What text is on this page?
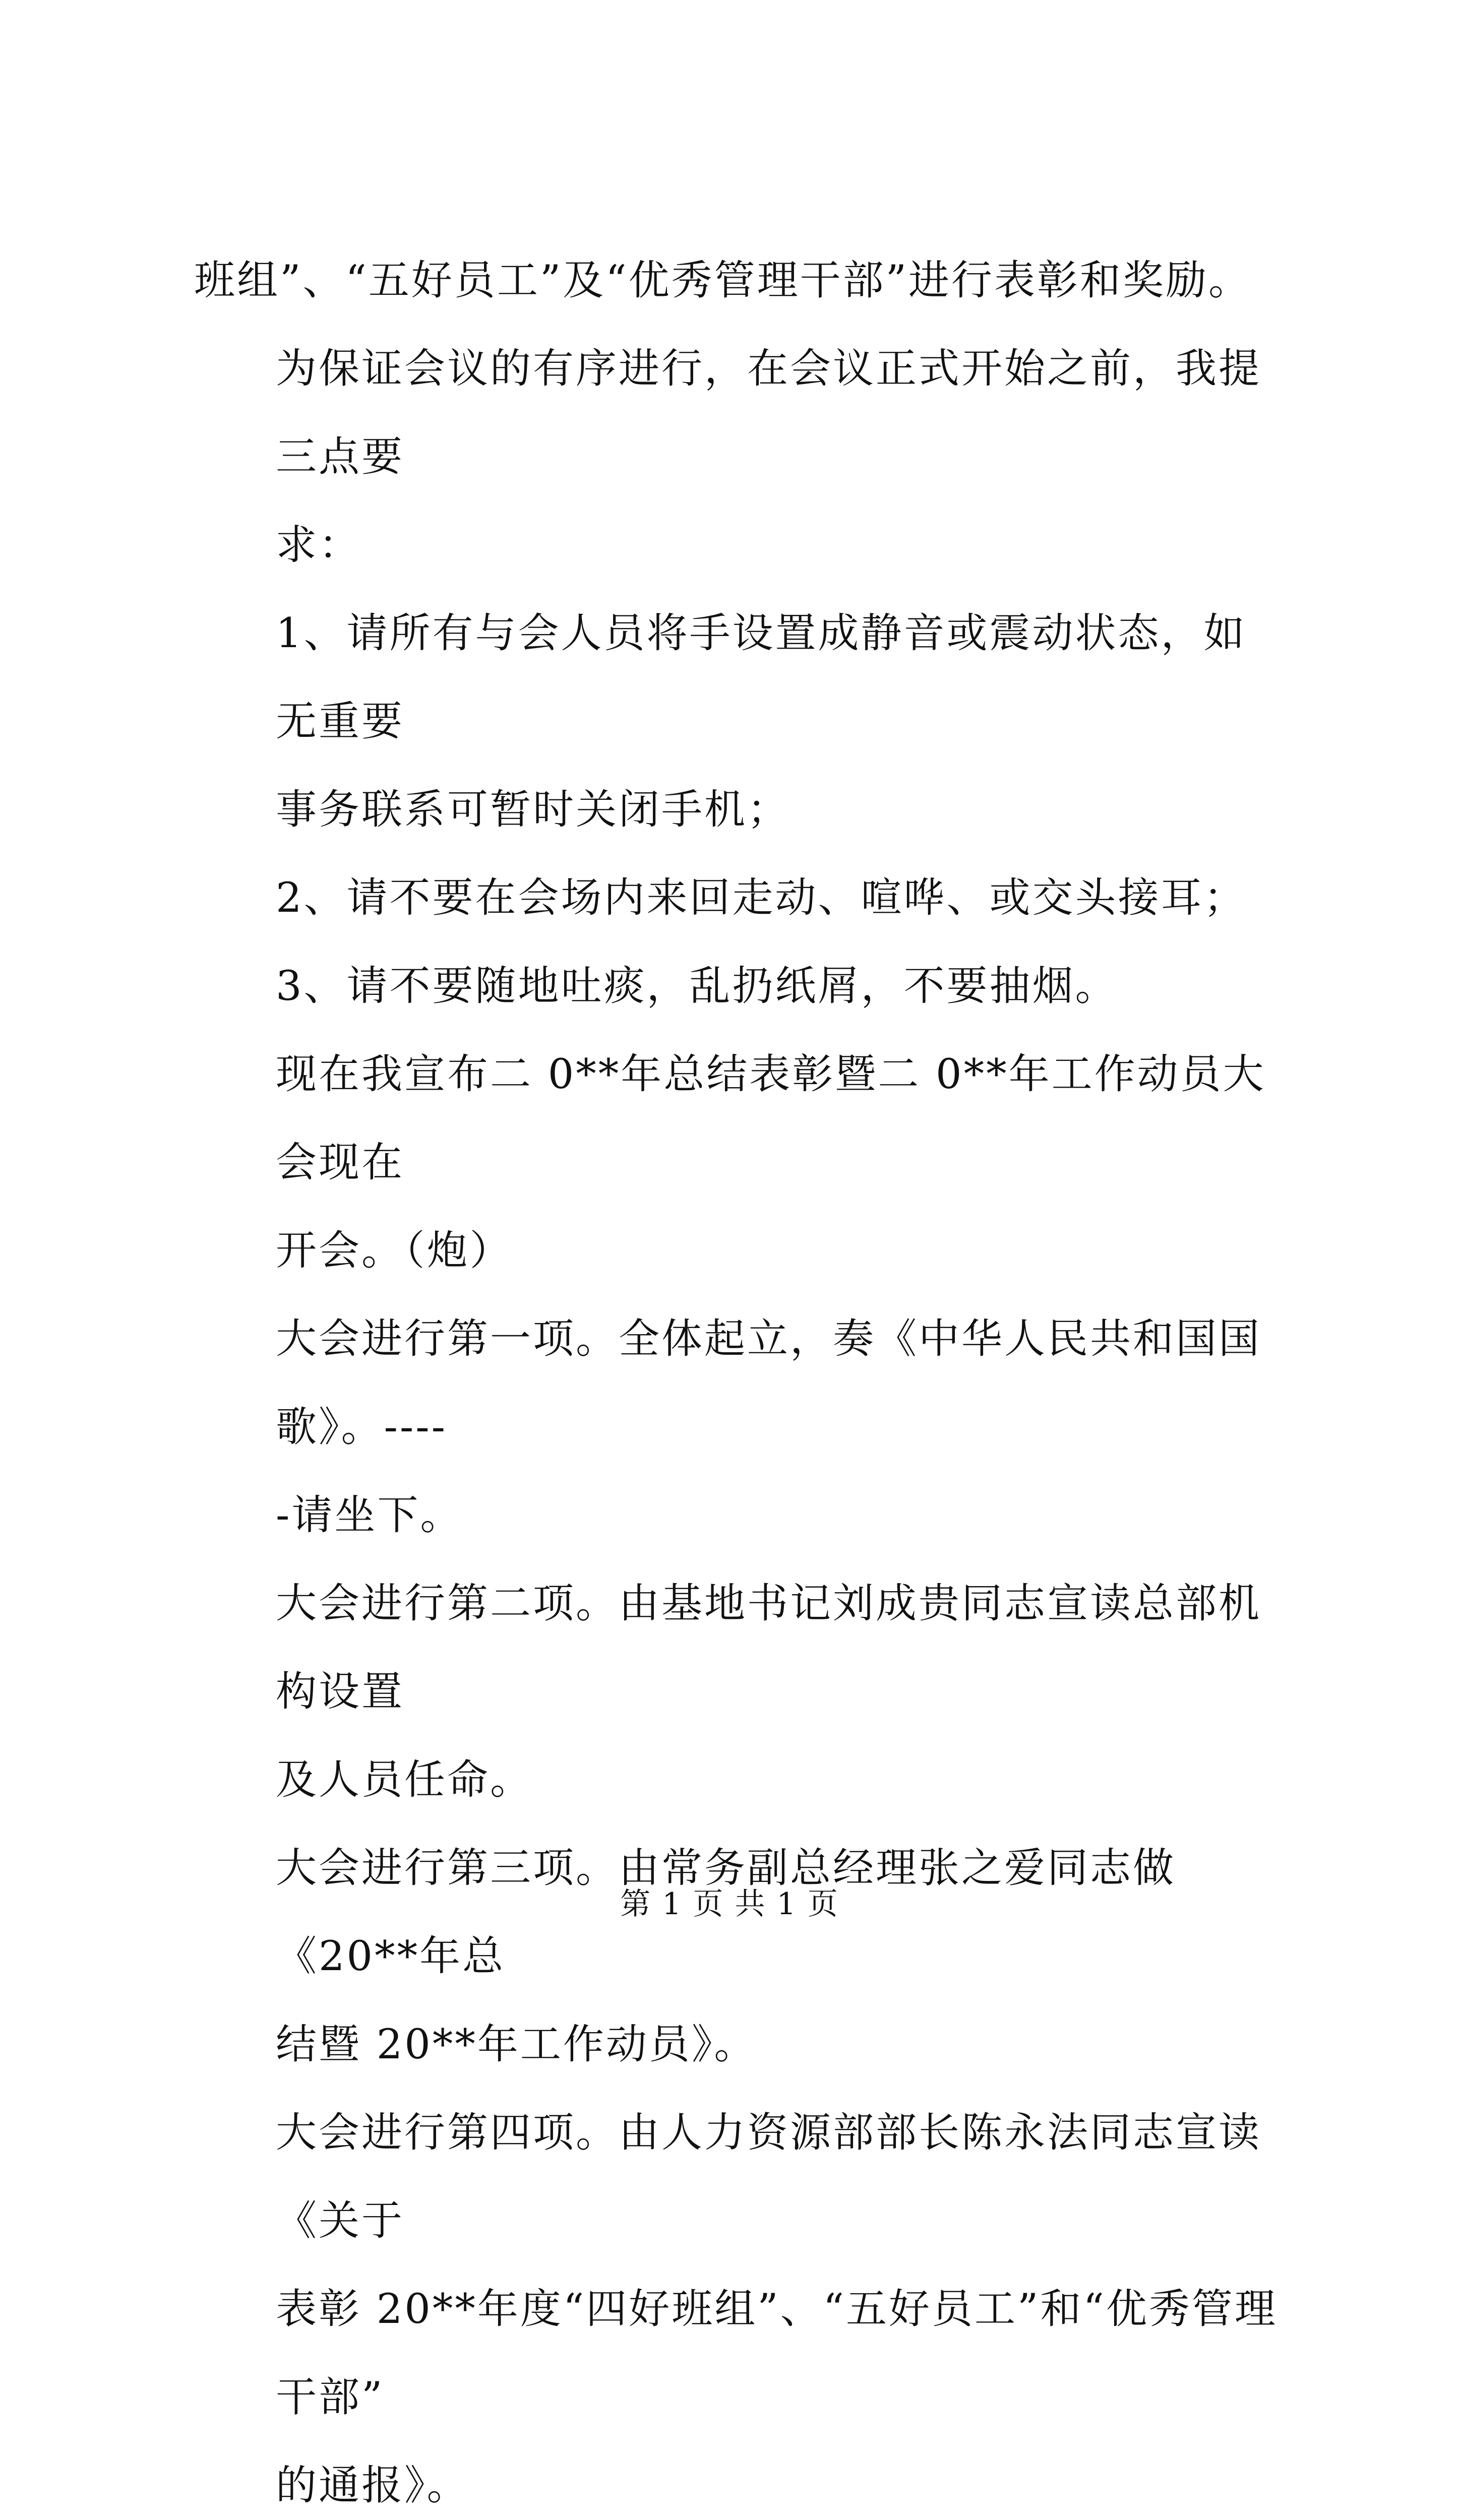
班组”、“五好员工”及“优秀管理干部”进行表彰和奖励。

为保证会议的有序进行，在会议正式开始之前，我提三点要
求：

1、请所有与会人员将手设置成静音或震动状态，如无重要
事务联系可暂时关闭手机；

2、请不要在会场内来回走动、喧哗、或交头接耳；

3、请不要随地吐痰，乱扔纸屑，不要抽烟。

现在我宣布二 0**年总结表彰暨二 0**年工作动员大会现在
开会。（炮）

大会进行第一项。全体起立，奏《中华人民共和国国歌》。----
-请坐下。

大会进行第二项。由基地书记刘成贵同志宣读总部机构设置
及人员任命。

大会进行第三项。由常务副总经理张之爱同志做《20**年总
结暨 20**年工作动员》。

大会进行第四项。由人力资源部部长陈永法同志宣读《关于
表彰 20**年度“四好班组”、“五好员工”和“优秀管理干部”
的通报》。

第 1 页 共 1 页
